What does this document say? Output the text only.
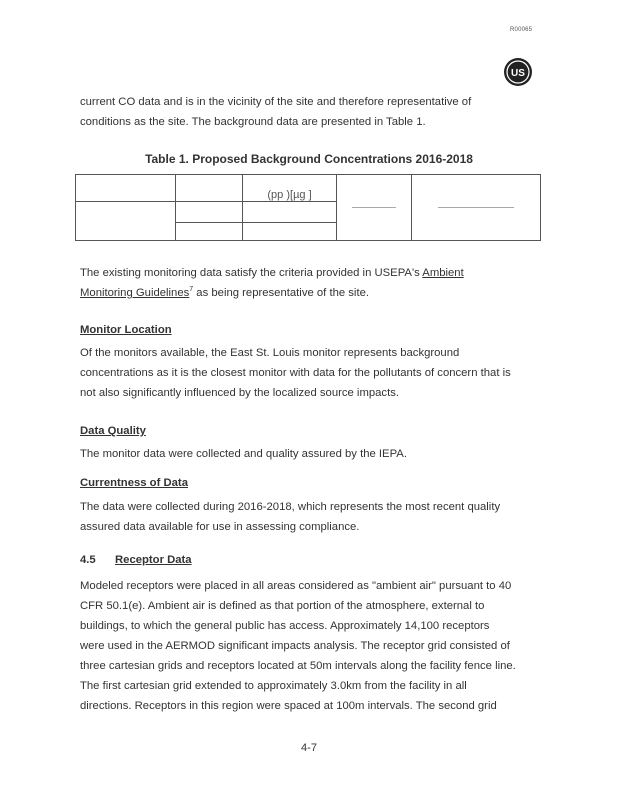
R00065
US

current CO data and is in the vicinity of the site and therefore representative of
conditions as the site. The background data are presented in Table 1.

Table 1. Proposed Background Concentrations 2016-2018

		(pp )[µg ]	

The existing monitoring data satisfy the criteria provided in USEPA's Ambient
Monitoring Guidelines$^7$ as being representative of the site.

Monitor Location

Of the monitors available, the East St. Louis monitor represents background
concentrations as it is the closest monitor with data for the pollutants of concern that is
not also significantly influenced by the localized source impacts.

Data Quality

The monitor data were collected and quality assured by the IEPA.

Currentness of Data

The data were collected during 2016-2018, which represents the most recent quality
assured data available for use in assessing compliance.

4.5 Receptor Data

Modeled receptors were placed in all areas considered as "ambient air" pursuant to 40
CFR 50.1(e). Ambient air is defined as that portion of the atmosphere, external to
buildings, to which the general public has access. Approximately 14,100 receptors
were used in the AERMOD significant impacts analysis. The receptor grid consisted of
three cartesian grids and receptors located at 50m intervals along the facility fence line.
The first cartesian grid extended to approximately 3.0km from the facility in all
directions. Receptors in this region were spaced at 100m intervals. The second grid

4-7
